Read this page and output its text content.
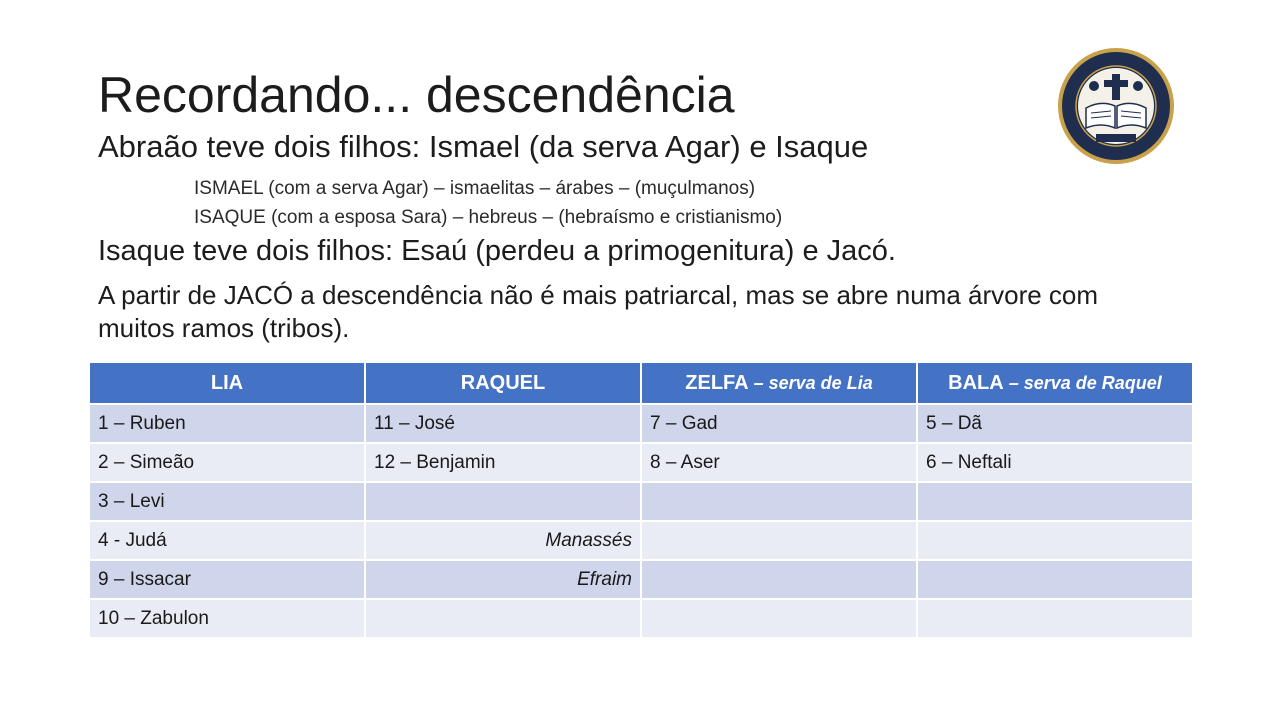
Recordando... descendência
Abraão teve dois filhos: Ismael (da serva Agar) e Isaque
ISMAEL (com a serva Agar) – ismaelitas – árabes – (muçulmanos)
ISAQUE (com a esposa Sara) – hebreus – (hebraísmo e cristianismo)
Isaque teve dois filhos: Esaú (perdeu a primogenitura) e Jacó.
A partir de JACÓ a descendência não é mais patriarcal, mas se abre numa árvore com muitos ramos (tribos).
LIA	RAQUEL	ZELFA – serva de Lia	BALA – serva de Raquel
1 – Ruben	11 – José	7 – Gad	5 – Dã
2 – Simeão	12 – Benjamin	8 – Aser	6 – Neftali
3 – Levi			
4 - Judá	Manassés		
9 – Issacar	Efraim		
10 – Zabulon			
